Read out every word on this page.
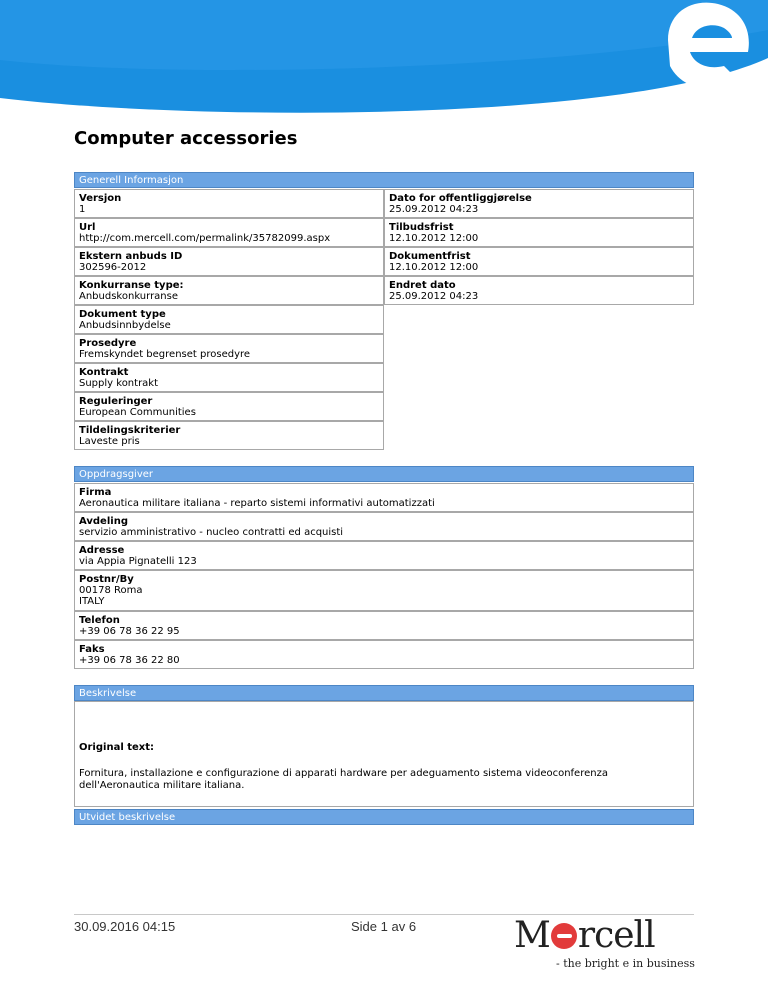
Computer accessories
Generell Informasjon
Versjon
1
Dato for offentliggjørelse
25.09.2012 04:23
Url
http://com.mercell.com/permalink/35782099.aspx
Tilbudsfrist
12.10.2012 12:00
Ekstern anbuds ID
302596-2012
Dokumentfrist
12.10.2012 12:00
Konkurranse type:
Anbudskonkurranse
Endret dato
25.09.2012 04:23
Dokument type
Anbudsinnbydelse
Prosedyre
Fremskyndet begrenset prosedyre
Kontrakt
Supply kontrakt
Reguleringer
European Communities
Tildelingskriterier
Laveste pris
Oppdragsgiver
Firma
Aeronautica militare italiana - reparto sistemi informativi automatizzati
Avdeling
servizio amministrativo - nucleo contratti ed acquisti
Adresse
via Appia Pignatelli 123
Postnr/By
00178 Roma
ITALY
Telefon
+39 06 78 36 22 95
Faks
+39 06 78 36 22 80
Beskrivelse
Original text:
Fornitura, installazione e configurazione di apparati hardware per adeguamento sistema videoconferenza dell'Aeronautica militare italiana.
Utvidet beskrivelse
30.09.2016 04:15	Side 1 av 6	M rcell
- the bright e in business
